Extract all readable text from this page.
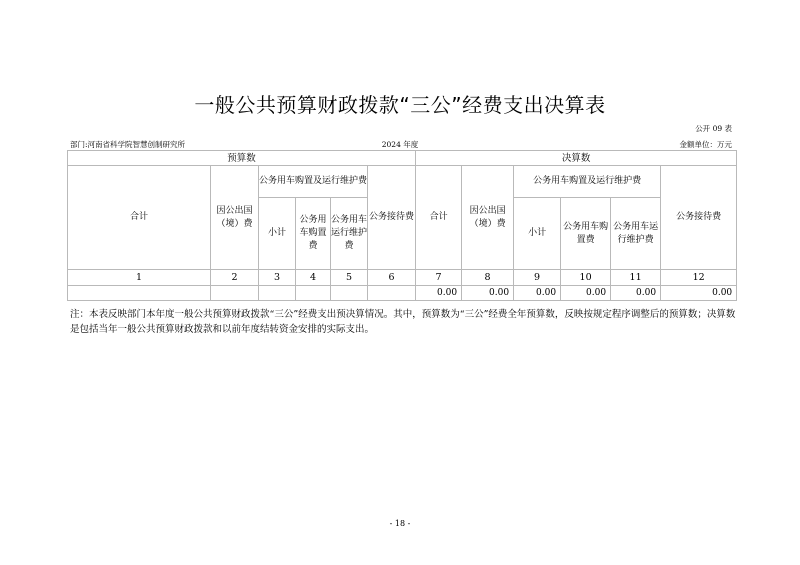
一般公共预算财政拨款“三公”经费支出决算表
公开 09 表
部门:河南省科学院智慧创制研究所	2024 年度	金额单位：万元
预算数						决算数					
合计	因公出国（境）费	公务用车购置及运行维护费			公务接待费	合计	因公出国（境）费	公务用车购置及运行维护费			公务接待费
		小计	公务用车购置费	公务用车运行维护费				小计	公务用车购置费	公务用车运行维护费	
1	2	3	4	5	6	7	8	9	10	11	12
						0.00	0.00	0.00	0.00	0.00	0.00
注：本表反映部门本年度一般公共预算财政拨款“三公”经费支出预决算情况。其中，预算数为“三公”经费全年预算数，反映按规定程序调整后的预算数；决算数是包括当年一般公共预算财政拨款和以前年度结转资金安排的实际支出。
- 18 -
